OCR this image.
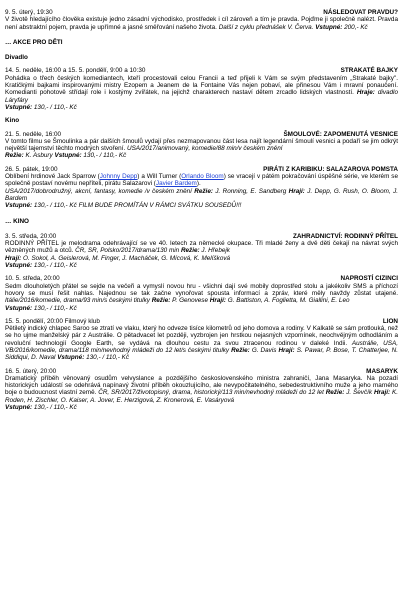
9. 5. úterý, 19:30	NÁSLEDOVAT PRAVDU?
V životě hledajícího člověka existuje jedno zásadní východisko, prostředek i cíl zároveň a tím je pravda. Pojďme ji společně nalézt. Pravda není abstraktní pojem, pravda je upřímné a jasné směřování našeho života. Další z cyklu přednášek V. Červa. Vstupné: 200,- Kč
… AKCE PRO DĚTI
Divadlo
14. 5. neděle, 16:00 a 15. 5. pondělí, 9:00 a 10:30	STRAKATÉ BAJKY
Pohádka o třech českých komediantech, kteří procestovali celou Francii a teď přijeli k Vám se svým představením „Strakaté bajky". Kratičkými bajkami inspirovanými mistry Ezopem a Jeanem de la Fontaine Vás nejen pobaví, ale přinesou Vám i mravní ponaučení. Komedianti pohotově střídají role i kostýmy zvířátek, na jejichž charakterech nastaví dětem zrcadlo lidských vlastností. Hraje: divadlo Láryfáry
Vstupné: 130,- / 110,- Kč
Kino
21. 5. neděle, 16:00	ŠMOULOVÉ: ZAPOMENUTÁ VESNICE
V tomto filmu se Šmoulinka a pár dalších šmoulů vydají přes nezmapovanou část lesa najít legendární šmoulí vesnici a podaří se jim odkrýt největší tajemství těchto modrých stvoření. USA/2017/animovaný, komedie/88 min/v českém znění
Režie: K. Asbury Vstupné: 130,- / 110,- Kč
26. 5. pátek, 19:00	PIRÁTI Z KARIBIKU: SALAZAROVA POMSTA
Oblíbení hrdinové Jack Sparrow (Johnny Depp) a Will Turner (Orlando Bloom) se vracejí v pátém pokračování úspěšné série, ve kterém se společně postaví novému nepříteli, pirátu Salazarovi (Javier Bardem).
USA/2017/dobrodružný, akcní, fantasy, komedie /v českém znění Režie: J. Ronning, E. Sandberg Hrají: J. Depp, G. Rush, O. Bloom, J. Bardem
Vstupné: 130,- / 110,- Kč FILM BUDE PROMÍTÁN V RÁMCI SVÁTKU SOUSEDŮ!!!
… KINO
3. 5. středa, 20:00	ZAHRADNICTVÍ: RODINNÝ PŘÍTEL
RODINNÝ PŘÍTEL je melodrama odehrávající se ve 40. letech za německé okupace. Tři mladé ženy a dvě děti čekají na návrat svých vězněných mužů a otců. ČR, SR, Polsko/2017/drama/130 min Režie: J. Hřebejk
Hrají: O. Sokol, A. Geislerová, M. Finger, J. Macháček, G. Mícová, K. Melíšková
Vstupné: 130,- / 110,- Kč
10. 5. středa, 20:00	NAPROSTÍ CIZINCI
Sedm dlouholetých přátel se sejde na večeři a vymyslí novou hru - všichni dají své mobily doprostřed stolu a jakékoliv SMS a příchozí hovory se musí řešit nahlas. Najednou se tak začne vynořovat spousta informací a zpráv, které měly navždy zůstat utajené. Itálie/2016/komedie, drama/93 min/s českými titulky Režie: P. Genovese Hrají: G. Battiston, A. Foglietta, M. Giallini, E. Leo
Vstupné: 130,- / 110,- Kč
15. 5. pondělí, 20:00 Filmový klub	LION
Pětiletý indický chlapec Saroo se ztratí ve vlaku, který ho odveze tisíce kilometrů od jeho domova a rodiny. V Kalkatě se sám protlouká, než se ho ujme manželský pár z Austrálie. O pětadvacet let později, vyzbrojen jen hrstkou nejasných vzpomínek, neochvějným odhodláním a revoluční technologií Google Earth, se vydává na dlouhou cestu za svou ztracenou rodinou v daleké Indii. Austrálie, USA, VB/2016/komedie, drama/118 min/nevhodný mládeži do 12 let/s českými titulky Režie: G. Davis Hrají: S. Pawar, P. Bose, T. Chatterjee, N. Siddiqui, D. Naval Vstupné: 130,- / 110,- Kč
16. 5. úterý, 20:00	MASARYK
Dramatický příběh věnovaný osudům velvyslance a pozdějšího československého ministra zahraničí, Jana Masaryka. Na pozadí historických událostí se odehrává napínavý životní příběh okouzlujícího, ale nevypočitatelného, sebedestruktivního muže a jeho marného boje o budoucnost vlastní země. ČR, SR/2017/životopisný, drama, historický/113 min/nevhodný mládeži do 12 let Režie: J. Ševčík Hrají: K. Roden, H. Zischler, O. Kaiser, A. Jover, E. Herzigová, Z. Kronerová, E. Vasáryová
Vstupné: 130,- / 110,- Kč
